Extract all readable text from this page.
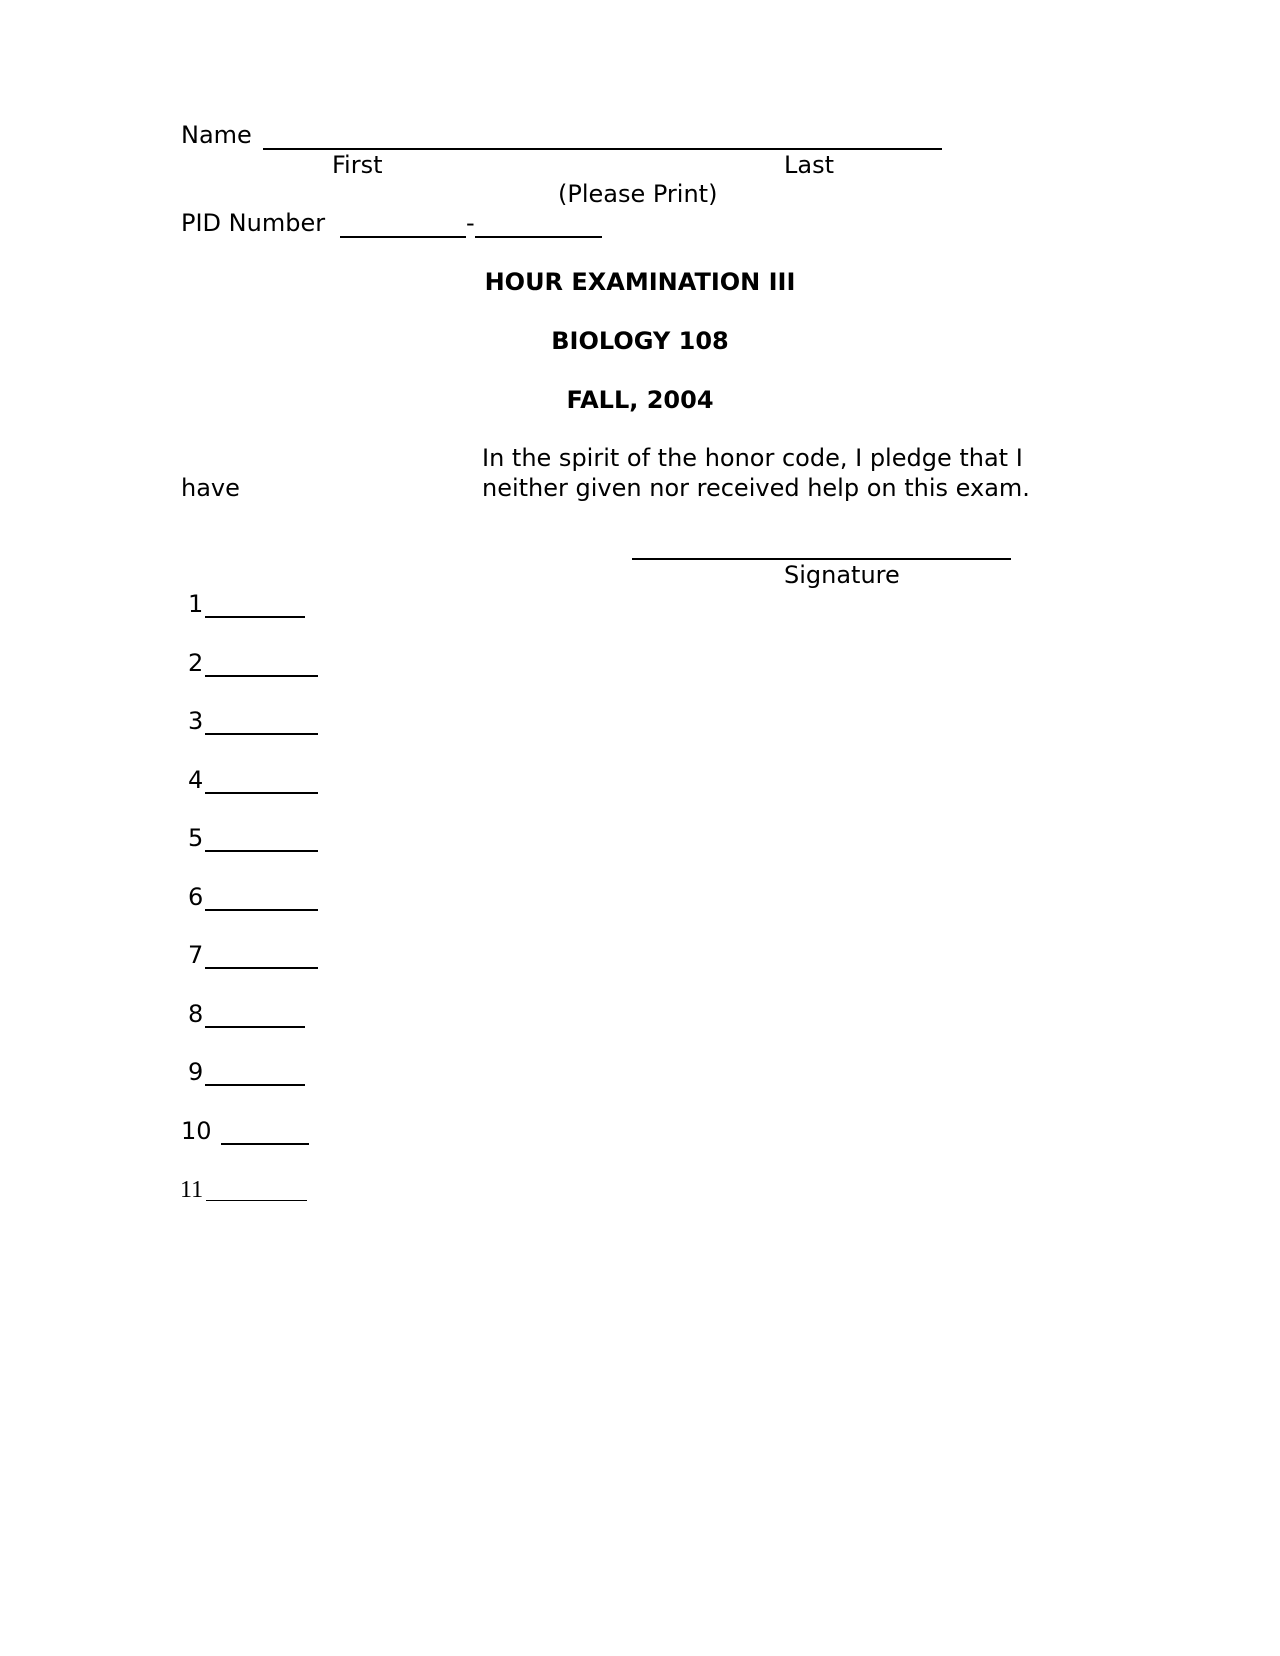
Name
First	Last
(Please Print)
PID Number	-
HOUR EXAMINATION III
BIOLOGY 108
FALL, 2004
In the spirit of the honor code, I pledge that I
have	neither given nor received help on this exam.
Signature
1
2
3
4
5
6
7
8
9
10
11
